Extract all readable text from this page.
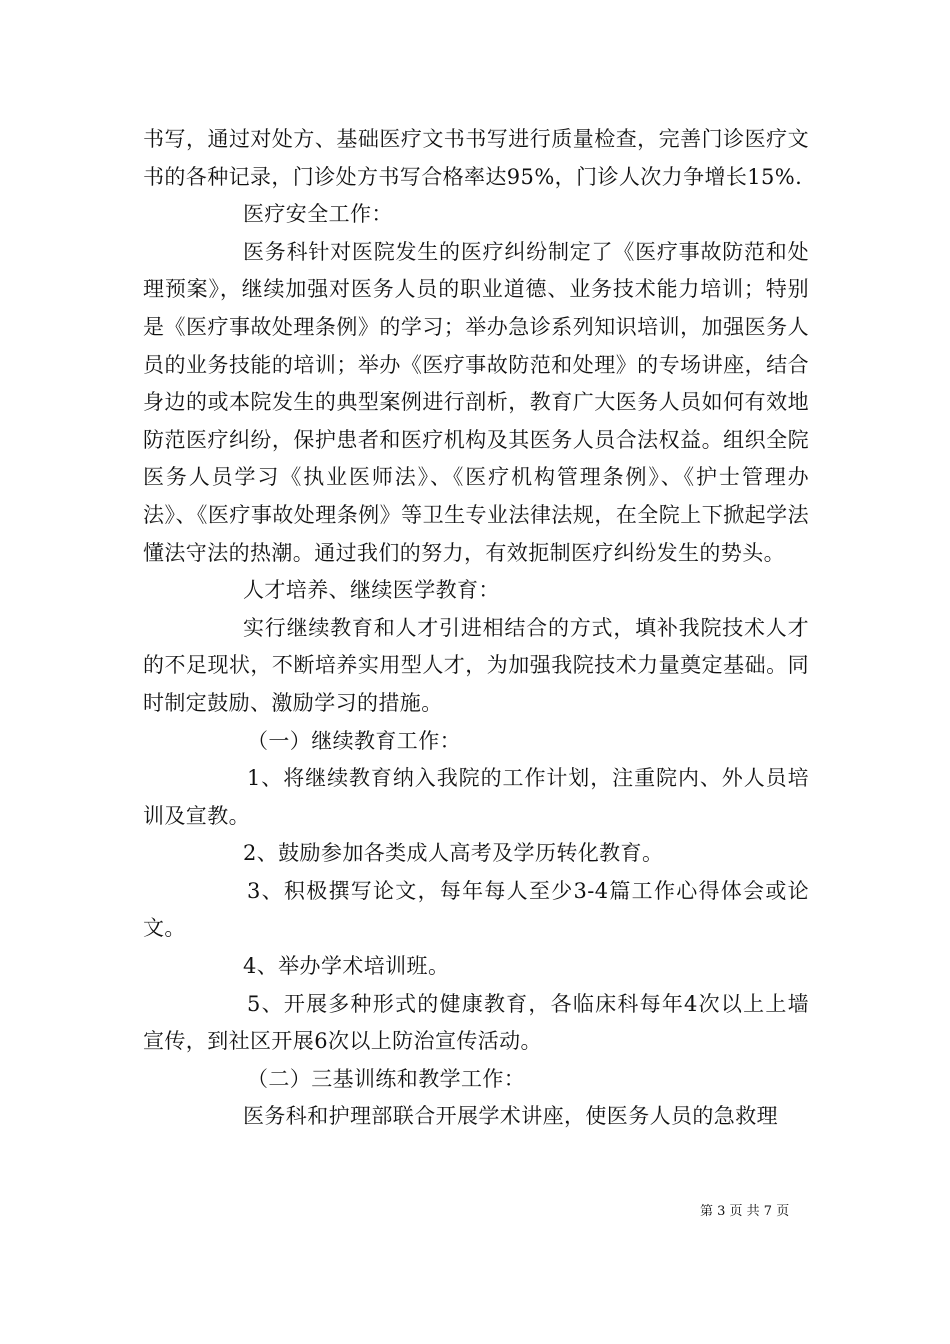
书写，通过对处方、基础医疗文书书写进行质量检查，完善门诊医疗文书的各种记录，门诊处方书写合格率达95%，门诊人次力争增长15%.

医疗安全工作：

医务科针对医院发生的医疗纠纷制定了《医疗事故防范和处理预案》，继续加强对医务人员的职业道德、业务技术能力培训；特别是《医疗事故处理条例》的学习；举办急诊系列知识培训，加强医务人员的业务技能的培训；举办《医疗事故防范和处理》的专场讲座，结合身边的或本院发生的典型案例进行剖析，教育广大医务人员如何有效地防范医疗纠纷，保护患者和医疗机构及其医务人员合法权益。组织全院医务人员学习《执业医师法》、《医疗机构管理条例》、《护士管理办法》、《医疗事故处理条例》等卫生专业法律法规，在全院上下掀起学法懂法守法的热潮。通过我们的努力，有效扼制医疗纠纷发生的势头。

人才培养、继续医学教育：

实行继续教育和人才引进相结合的方式，填补我院技术人才的不足现状，不断培养实用型人才，为加强我院技术力量奠定基础。同时制定鼓励、激励学习的措施。

（一）继续教育工作：

1、将继续教育纳入我院的工作计划，注重院内、外人员培训及宣教。

2、鼓励参加各类成人高考及学历转化教育。

3、积极撰写论文，每年每人至少3-4篇工作心得体会或论文。

4、举办学术培训班。

5、开展多种形式的健康教育，各临床科每年4次以上上墙宣传，到社区开展6次以上防治宣传活动。

（二）三基训练和教学工作：

医务科和护理部联合开展学术讲座，使医务人员的急救理

第 3 页 共 7 页
